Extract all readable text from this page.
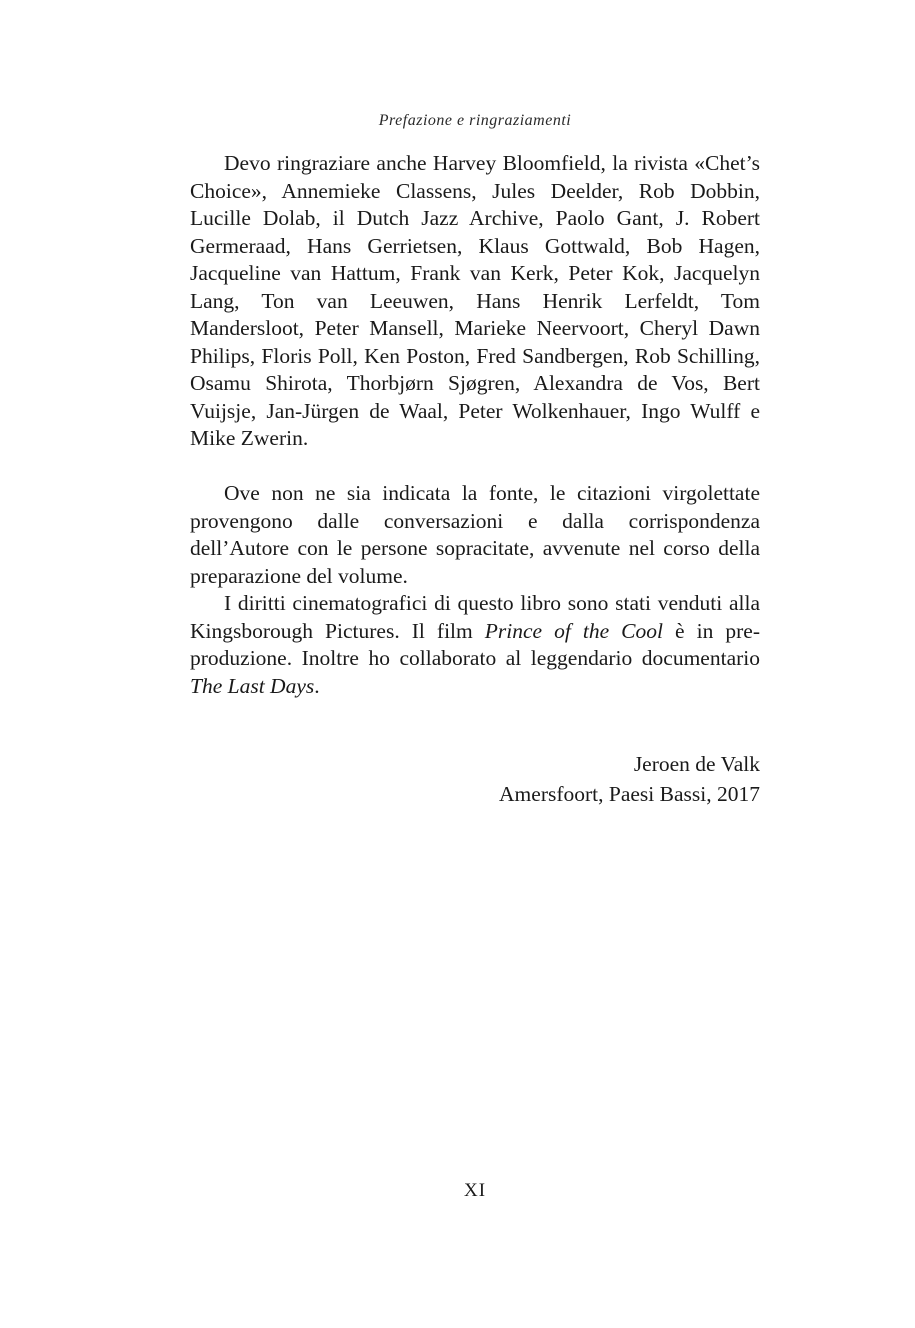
Prefazione e ringraziamenti

Devo ringraziare anche Harvey Bloomfield, la rivista «Chet’s Choice», Annemieke Classens, Jules Deelder, Rob Dobbin, Lucille Dolab, il Dutch Jazz Archive, Paolo Gant, J. Robert Germeraad, Hans Gerrietsen, Klaus Gottwald, Bob Hagen, Jacqueline van Hattum, Frank van Kerk, Peter Kok, Jacquelyn Lang, Ton van Leeuwen, Hans Henrik Lerfeldt, Tom Mandersloot, Peter Mansell, Marieke Neervoort, Cheryl Dawn Philips, Floris Poll, Ken Poston, Fred Sandbergen, Rob Schilling, Osamu Shirota, Thorbjørn Sjøgren, Alexandra de Vos, Bert Vuijsje, Jan-Jürgen de Waal, Peter Wolkenhauer, Ingo Wulff e Mike Zwerin.

Ove non ne sia indicata la fonte, le citazioni virgolettate provengono dalle conversazioni e dalla corrispondenza dell’Autore con le persone sopracitate, avvenute nel corso della preparazione del volume.

I diritti cinematografici di questo libro sono stati venduti alla Kingsborough Pictures. Il film Prince of the Cool è in pre-produzione. Inoltre ho collaborato al leggendario documentario The Last Days.

Jeroen de Valk
Amersfoort, Paesi Bassi, 2017
XI
